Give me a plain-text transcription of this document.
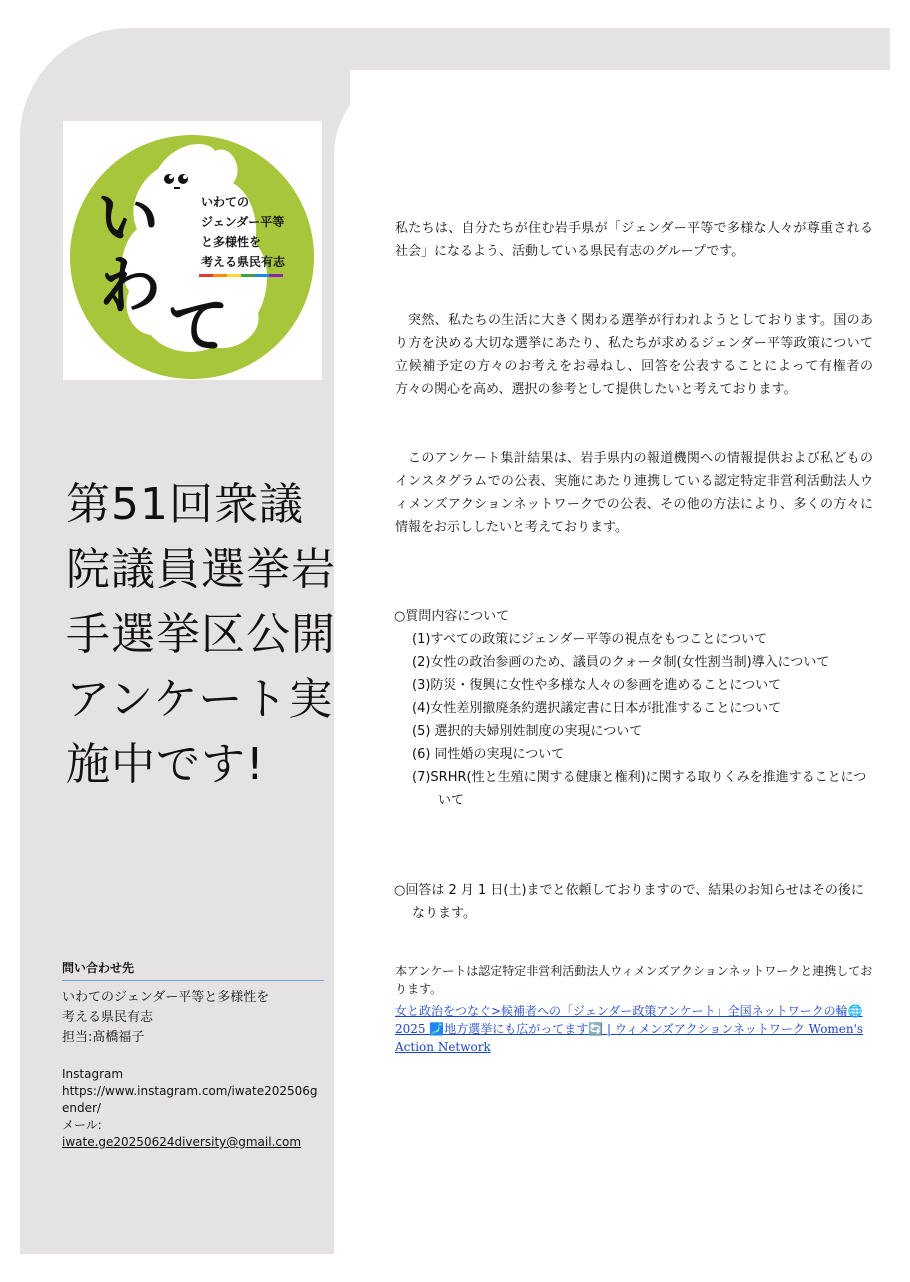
い
わ
て
いわての
ジェンダー平等
と多様性を
考える県民有志
第51回衆議院議員選挙岩手選挙区公開アンケート実施中です!
問い合わせ先
いわてのジェンダー平等と多様性を
考える県民有志
担当:髙橋福子
Instagram
https://www.instagram.com/iwate202506gender/
メール:
iwate.ge20250624diversity@gmail.com
私たちは、自分たちが住む岩手県が「ジェンダー平等で多様な人々が尊重される社会」になるよう、活動している県民有志のグループです。
突然、私たちの生活に大きく関わる選挙が行われようとしております。国のあり方を決める大切な選挙にあたり、私たちが求めるジェンダー平等政策について立候補予定の方々のお考えをお尋ねし、回答を公表することによって有権者の方々の関心を高め、選択の参考として提供したいと考えております。
このアンケート集計結果は、岩手県内の報道機関への情報提供および私どものインスタグラムでの公表、実施にあたり連携している認定特定非営利活動法人ウィメンズアクションネットワークでの公表、その他の方法により、多くの方々に情報をお示ししたいと考えております。
○質問内容について
(1)すべての政策にジェンダー平等の視点をもつことについて
(2)女性の政治参画のため、議員のクォータ制(女性割当制)導入について
(3)防災・復興に女性や多様な人々の参画を進めることについて
(4)女性差別撤廃条約選択議定書に日本が批准することについて
(5) 選択的夫婦別姓制度の実現について
(6) 同性婚の実現について
(7)SRHR(性と生殖に関する健康と権利)に関する取りくみを推進することについて
○回答は 2 月 1 日(土)までと依頼しておりますので、結果のお知らせはその後になります。
本アンケートは認定特定非営利活動法人ウィメンズアクションネットワークと連携しております。
女と政治をつなぐ>候補者への「ジェンダー政策アンケート」全国ネットワークの輪🌐2025 🗾地方選挙にも広がってます🔄 | ウィメンズアクションネットワーク Women's Action Network
